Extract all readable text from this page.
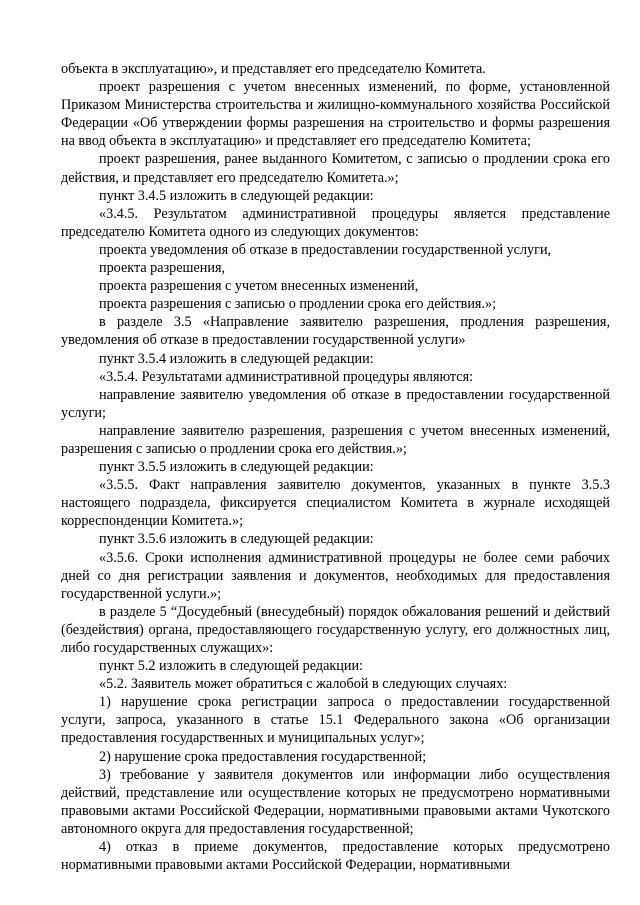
объекта в эксплуатацию», и представляет его председателю Комитета.

проект разрешения с учетом внесенных изменений, по форме, установленной Приказом Министерства строительства и жилищно-коммунального хозяйства Российской Федерации «Об утверждении формы разрешения на строительство и формы разрешения на ввод объекта в эксплуатацию» и представляет его председателю Комитета;

проект разрешения, ранее выданного Комитетом, с записью о продлении срока его действия, и представляет его председателю Комитета.»;

пункт 3.4.5 изложить в следующей редакции:

«3.4.5. Результатом административной процедуры является представление председателю Комитета одного из следующих документов:

проекта уведомления об отказе в предоставлении государственной услуги,

проекта разрешения,

проекта разрешения с учетом внесенных изменений,

проекта разрешения с записью о продлении срока его действия.»;

в разделе 3.5 «Направление заявителю разрешения, продления разрешения, уведомления об отказе в предоставлении государственной услуги»

пункт 3.5.4 изложить в следующей редакции:

«3.5.4. Результатами административной процедуры являются:

направление заявителю уведомления об отказе в предоставлении государственной услуги;

направление заявителю разрешения, разрешения с учетом внесенных изменений, разрешения с записью о продлении срока его действия.»;

пункт 3.5.5 изложить в следующей редакции:

«3.5.5. Факт направления заявителю документов, указанных в пункте 3.5.3 настоящего подраздела, фиксируется специалистом Комитета в журнале исходящей корреспонденции Комитета.»;

пункт 3.5.6 изложить в следующей редакции:

«3.5.6. Сроки исполнения административной процедуры не более семи рабочих дней со дня регистрации заявления и документов, необходимых для предоставления государственной услуги.»;

в разделе 5 “Досудебный (внесудебный) порядок обжалования решений и действий (бездействия) органа, предоставляющего государственную услугу, его должностных лиц, либо государственных служащих»:

пункт 5.2 изложить в следующей редакции:

«5.2. Заявитель может обратиться с жалобой в следующих случаях:

1) нарушение срока регистрации запроса о предоставлении государственной услуги, запроса, указанного в статье 15.1 Федерального закона «Об организации предоставления государственных и муниципальных услуг»;

2) нарушение срока предоставления государственной;

3) требование у заявителя документов или информации либо осуществления действий, представление или осуществление которых не предусмотрено нормативными правовыми актами Российской Федерации, нормативными правовыми актами Чукотского автономного округа для предоставления государственной;

4) отказ в приеме документов, предоставление которых предусмотрено нормативными правовыми актами Российской Федерации, нормативными
